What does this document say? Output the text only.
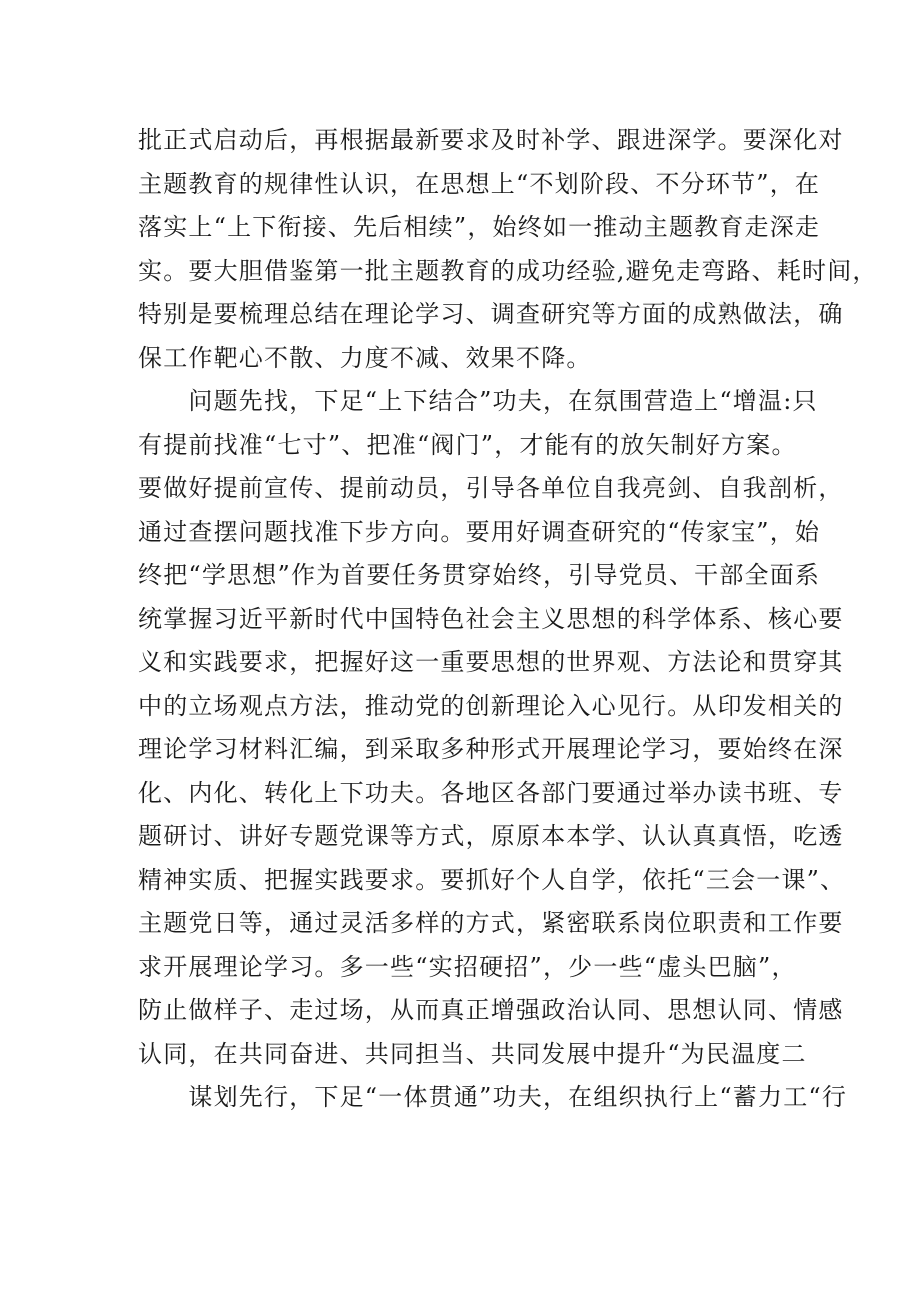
批正式启动后，再根据最新要求及时补学、跟进深学。要深化对
主题教育的规律性认识，在思想上“不划阶段、不分环节”，在
落实上“上下衔接、先后相续”，始终如一推动主题教育走深走
实。要大胆借鉴第一批主题教育的成功经验,避免走弯路、耗时间，
特别是要梳理总结在理论学习、调查研究等方面的成熟做法，确
保工作靶心不散、力度不减、效果不降。
　　问题先找，下足“上下结合”功夫，在氛围营造上“增温:只
有提前找准“七寸”、把准“阀门”，才能有的放矢制好方案。
要做好提前宣传、提前动员，引导各单位自我亮剑、自我剖析，
通过查摆问题找准下步方向。要用好调查研究的“传家宝”，始
终把“学思想”作为首要任务贯穿始终，引导党员、干部全面系
统掌握习近平新时代中国特色社会主义思想的科学体系、核心要
义和实践要求，把握好这一重要思想的世界观、方法论和贯穿其
中的立场观点方法，推动党的创新理论入心见行。从印发相关的
理论学习材料汇编，到采取多种形式开展理论学习，要始终在深
化、内化、转化上下功夫。各地区各部门要通过举办读书班、专
题研讨、讲好专题党课等方式，原原本本学、认认真真悟，吃透
精神实质、把握实践要求。要抓好个人自学，依托“三会一课”、
主题党日等，通过灵活多样的方式，紧密联系岗位职责和工作要
求开展理论学习。多一些“实招硬招”，少一些“虚头巴脑”，
防止做样子、走过场，从而真正增强政治认同、思想认同、情感
认同，在共同奋进、共同担当、共同发展中提升“为民温度二
　　谋划先行，下足“一体贯通”功夫，在组织执行上“蓄力工“行
